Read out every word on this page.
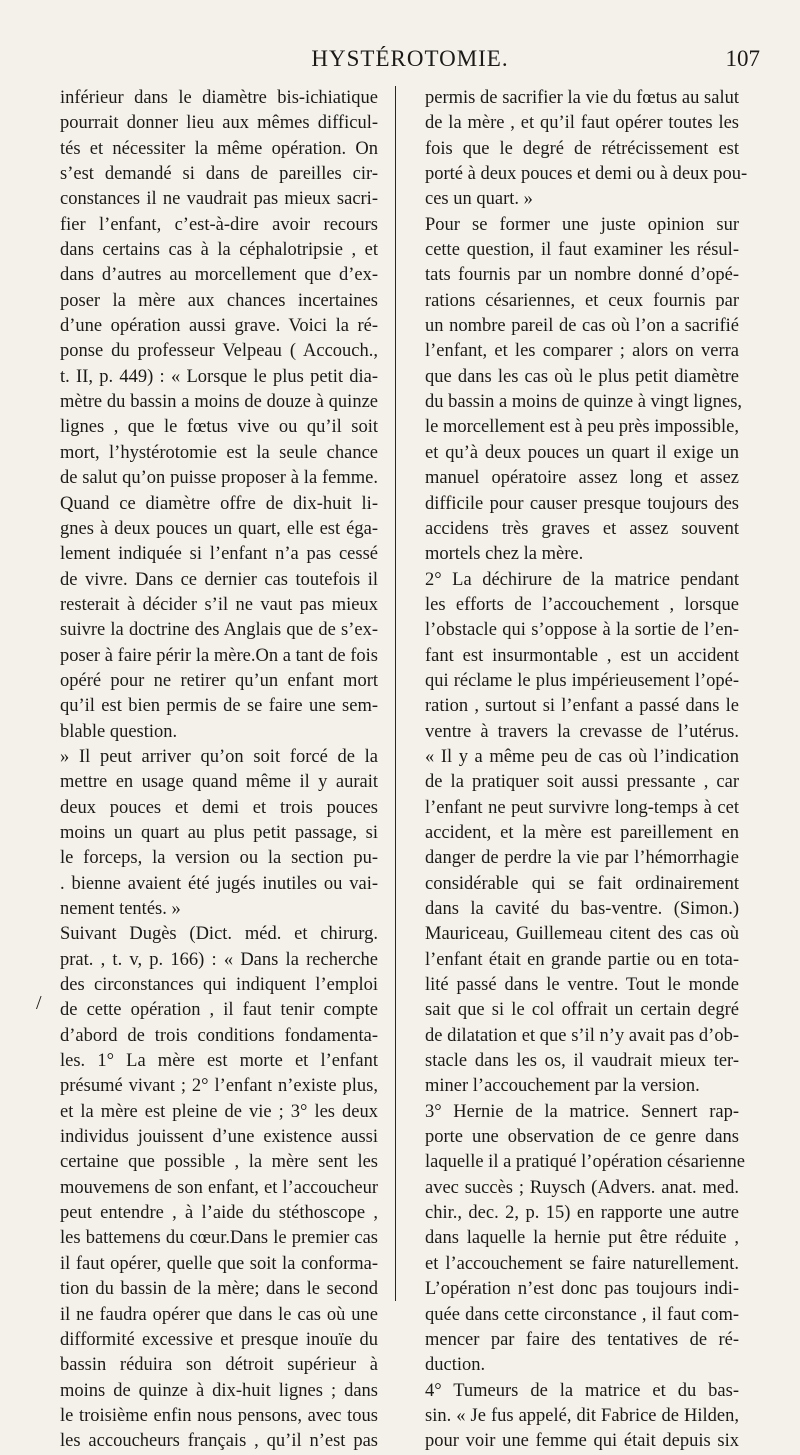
HYSTÉROTOMIE.	107
/
inférieur dans le diamètre bis-ichiatique
pourrait donner lieu aux mêmes difficul-
tés et nécessiter la même opération. On
s’est demandé si dans de pareilles cir-
constances il ne vaudrait pas mieux sacri-
fier l’enfant, c’est-à-dire avoir recours
dans certains cas à la céphalotripsie , et
dans d’autres au morcellement que d’ex-
poser la mère aux chances incertaines
d’une opération aussi grave. Voici la ré-
ponse du professeur Velpeau ( Accouch.,
t. II, p. 449) : « Lorsque le plus petit dia-
mètre du bassin a moins de douze à quinze
lignes , que le fœtus vive ou qu’il soit
mort, l’hystérotomie est la seule chance
de salut qu’on puisse proposer à la femme.
Quand ce diamètre offre de dix-huit li-
gnes à deux pouces un quart, elle est éga-
lement indiquée si l’enfant n’a pas cessé
de vivre. Dans ce dernier cas toutefois il
resterait à décider s’il ne vaut pas mieux
suivre la doctrine des Anglais que de s’ex-
poser à faire périr la mère.On a tant de fois
opéré pour ne retirer qu’un enfant mort
qu’il est bien permis de se faire une sem-
blable question.
» Il peut arriver qu’on soit forcé de la
mettre en usage quand même il y aurait
deux pouces et demi et trois pouces
moins un quart au plus petit passage, si
le forceps, la version ou la section pu-
. bienne avaient été jugés inutiles ou vai-
nement tentés. »
Suivant Dugès (Dict. méd. et chirurg.
prat. , t. v, p. 166) : « Dans la recherche
des circonstances qui indiquent l’emploi
de cette opération , il faut tenir compte
d’abord de trois conditions fondamenta-
les. 1° La mère est morte et l’enfant
présumé vivant ; 2° l’enfant n’existe plus,
et la mère est pleine de vie ; 3° les deux
individus jouissent d’une existence aussi
certaine que possible , la mère sent les
mouvemens de son enfant, et l’accoucheur
peut entendre , à l’aide du stéthoscope ,
les battemens du cœur.Dans le premier cas
il faut opérer, quelle que soit la conforma-
tion du bassin de la mère; dans le second
il ne faudra opérer que dans le cas où une
difformité excessive et presque inouïe du
bassin réduira son détroit supérieur à
moins de quinze à dix-huit lignes ; dans
le troisième enfin nous pensons, avec tous
les accoucheurs français , qu’il n’est pas
permis de sacrifier la vie du fœtus au salut
de la mère , et qu’il faut opérer toutes les
fois que le degré de rétrécissement est
porté à deux pouces et demi ou à deux pou-
ces un quart. »
Pour se former une juste opinion sur
cette question, il faut examiner les résul-
tats fournis par un nombre donné d’opé-
rations césariennes, et ceux fournis par
un nombre pareil de cas où l’on a sacrifié
l’enfant, et les comparer ; alors on verra
que dans les cas où le plus petit diamètre
du bassin a moins de quinze à vingt lignes,
le morcellement est à peu près impossible,
et qu’à deux pouces un quart il exige un
manuel opératoire assez long et assez
difficile pour causer presque toujours des
accidens très graves et assez souvent
mortels chez la mère.
2° La déchirure de la matrice pendant
les efforts de l’accouchement , lorsque
l’obstacle qui s’oppose à la sortie de l’en-
fant est insurmontable , est un accident
qui réclame le plus impérieusement l’opé-
ration , surtout si l’enfant a passé dans le
ventre à travers la crevasse de l’utérus.
« Il y a même peu de cas où l’indication
de la pratiquer soit aussi pressante , car
l’enfant ne peut survivre long-temps à cet
accident, et la mère est pareillement en
danger de perdre la vie par l’hémorrhagie
considérable qui se fait ordinairement
dans la cavité du bas-ventre. (Simon.)
Mauriceau, Guillemeau citent des cas où
l’enfant était en grande partie ou en tota-
lité passé dans le ventre. Tout le monde
sait que si le col offrait un certain degré
de dilatation et que s’il n’y avait pas d’ob-
stacle dans les os, il vaudrait mieux ter-
miner l’accouchement par la version.
3° Hernie de la matrice. Sennert rap-
porte une observation de ce genre dans
laquelle il a pratiqué l’opération césarienne
avec succès ; Ruysch (Advers. anat. med.
chir., dec. 2, p. 15) en rapporte une autre
dans laquelle la hernie put être réduite ,
et l’accouchement se faire naturellement.
L’opération n’est donc pas toujours indi-
quée dans cette circonstance , il faut com-
mencer par faire des tentatives de ré-
duction.
4° Tumeurs de la matrice et du bas-
sin. « Je fus appelé, dit Fabrice de Hilden,
pour voir une femme qui était depuis six
